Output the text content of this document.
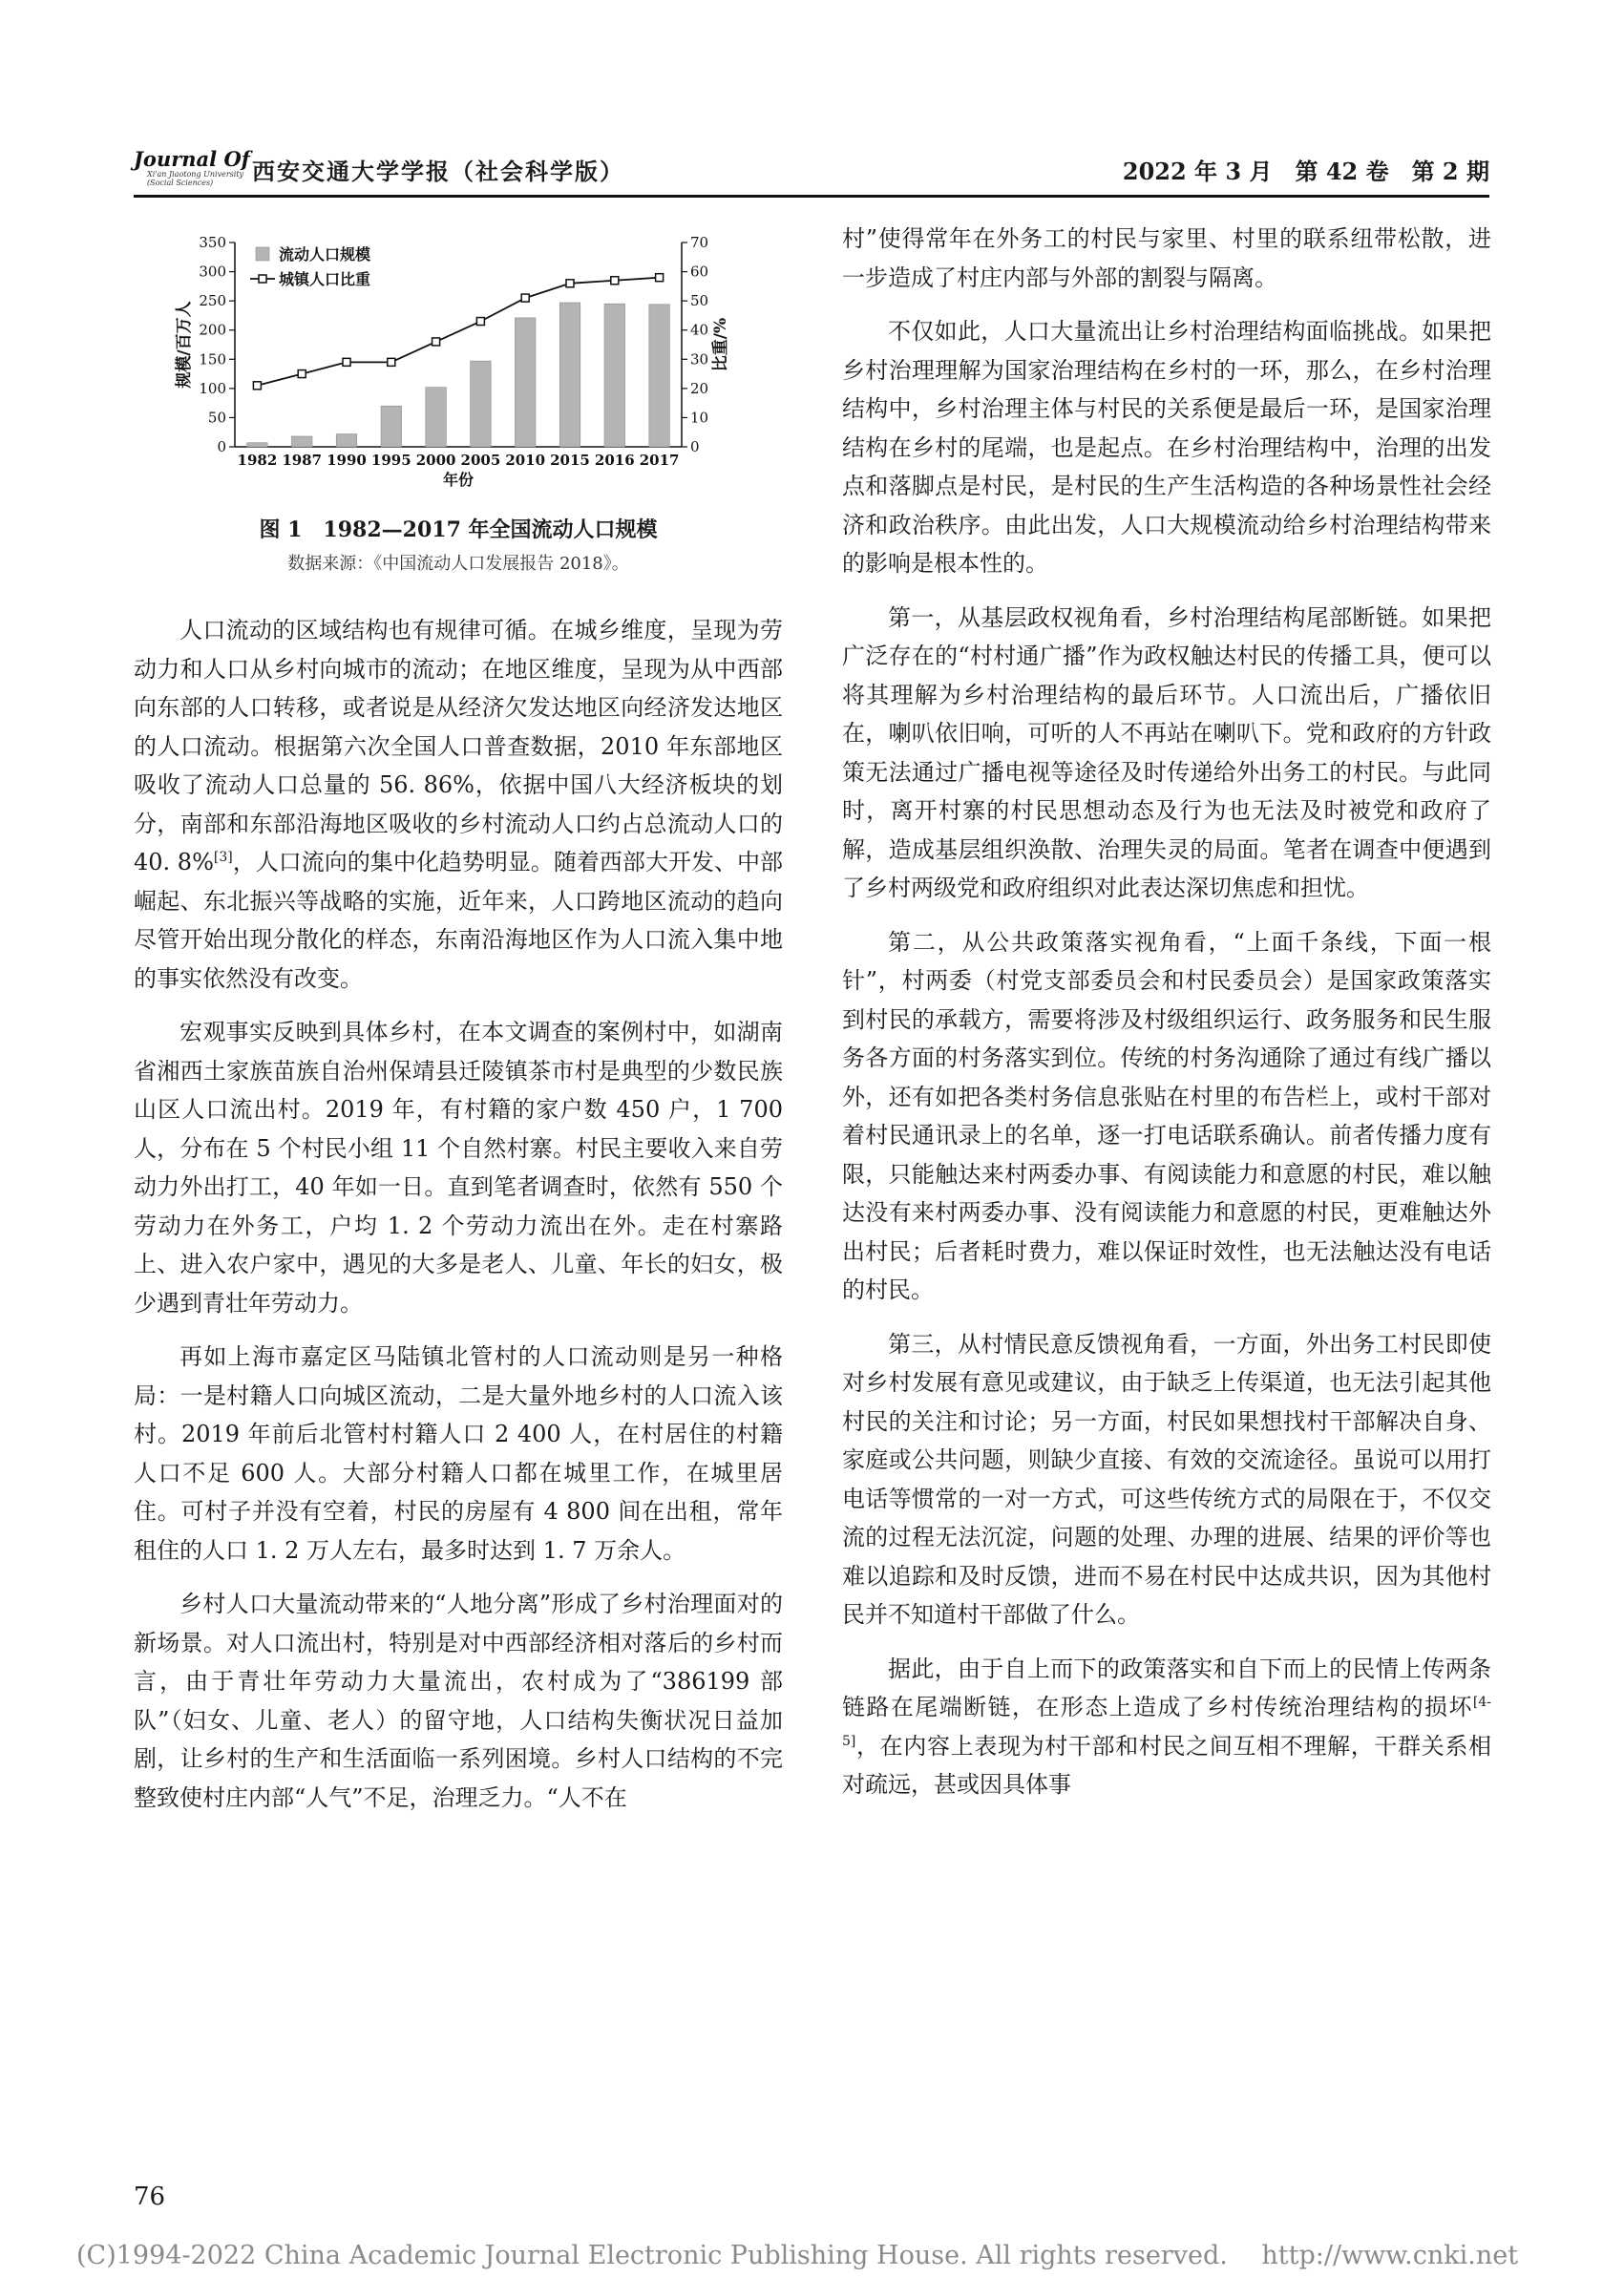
Journal Of
Xi'an Jiaotong University
(Social Sciences)	西安交通大学学报（社会科学版）	2022 年 3 月　第 42 卷　第 2 期
0
50
100
150
200
250
300
350
0
10
20
30
40
50
60
70
1982 1987 1990 1995 2000 2005 2010 2015 2016 2017
年份
规模/百万人	比重/%
流动人口规模
城镇人口比重
图 1　1982—2017 年全国流动人口规模
数据来源：《中国流动人口发展报告 2018》。

人口流动的区域结构也有规律可循。在城乡维度，呈现为劳动力和人口从乡村向城市的流动；在地区维度，呈现为从中西部向东部的人口转移，或者说是从经济欠发达地区向经济发达地区的人口流动。根据第六次全国人口普查数据，2010 年东部地区吸收了流动人口总量的 56. 86%，依据中国八大经济板块的划分，南部和东部沿海地区吸收的乡村流动人口约占总流动人口的 40. 8%[3]，人口流向的集中化趋势明显。随着西部大开发、中部崛起、东北振兴等战略的实施，近年来，人口跨地区流动的趋向尽管开始出现分散化的样态，东南沿海地区作为人口流入集中地的事实依然没有改变。

宏观事实反映到具体乡村，在本文调查的案例村中，如湖南省湘西土家族苗族自治州保靖县迁陵镇茶市村是典型的少数民族山区人口流出村。2019 年，有村籍的家户数 450 户，1 700 人，分布在 5 个村民小组 11 个自然村寨。村民主要收入来自劳动力外出打工，40 年如一日。直到笔者调查时，依然有 550 个劳动力在外务工，户均 1. 2 个劳动力流出在外。走在村寨路上、进入农户家中，遇见的大多是老人、儿童、年长的妇女，极少遇到青壮年劳动力。

再如上海市嘉定区马陆镇北管村的人口流动则是另一种格局：一是村籍人口向城区流动，二是大量外地乡村的人口流入该村。2019 年前后北管村村籍人口 2 400 人，在村居住的村籍人口不足 600 人。大部分村籍人口都在城里工作，在城里居住。可村子并没有空着，村民的房屋有 4 800 间在出租，常年租住的人口 1. 2 万人左右，最多时达到 1. 7 万余人。

乡村人口大量流动带来的“人地分离”形成了乡村治理面对的新场景。对人口流出村，特别是对中西部经济相对落后的乡村而言，由于青壮年劳动力大量流出，农村成为了“386199 部队”（妇女、儿童、老人）的留守地，人口结构失衡状况日益加剧，让乡村的生产和生活面临一系列困境。乡村人口结构的不完整致使村庄内部“人气”不足，治理乏力。“人不在

村”使得常年在外务工的村民与家里、村里的联系纽带松散，进一步造成了村庄内部与外部的割裂与隔离。

不仅如此，人口大量流出让乡村治理结构面临挑战。如果把乡村治理理解为国家治理结构在乡村的一环，那么，在乡村治理结构中，乡村治理主体与村民的关系便是最后一环，是国家治理结构在乡村的尾端，也是起点。在乡村治理结构中，治理的出发点和落脚点是村民，是村民的生产生活构造的各种场景性社会经济和政治秩序。由此出发，人口大规模流动给乡村治理结构带来的影响是根本性的。

第一，从基层政权视角看，乡村治理结构尾部断链。如果把广泛存在的“村村通广播”作为政权触达村民的传播工具，便可以将其理解为乡村治理结构的最后环节。人口流出后，广播依旧在，喇叭依旧响，可听的人不再站在喇叭下。党和政府的方针政策无法通过广播电视等途径及时传递给外出务工的村民。与此同时，离开村寨的村民思想动态及行为也无法及时被党和政府了解，造成基层组织涣散、治理失灵的局面。笔者在调查中便遇到了乡村两级党和政府组织对此表达深切焦虑和担忧。

第二，从公共政策落实视角看，“上面千条线，下面一根针”，村两委（村党支部委员会和村民委员会）是国家政策落实到村民的承载方，需要将涉及村级组织运行、政务服务和民生服务各方面的村务落实到位。传统的村务沟通除了通过有线广播以外，还有如把各类村务信息张贴在村里的布告栏上，或村干部对着村民通讯录上的名单，逐一打电话联系确认。前者传播力度有限，只能触达来村两委办事、有阅读能力和意愿的村民，难以触达没有来村两委办事、没有阅读能力和意愿的村民，更难触达外出村民；后者耗时费力，难以保证时效性，也无法触达没有电话的村民。

第三，从村情民意反馈视角看，一方面，外出务工村民即使对乡村发展有意见或建议，由于缺乏上传渠道，也无法引起其他村民的关注和讨论；另一方面，村民如果想找村干部解决自身、家庭或公共问题，则缺少直接、有效的交流途径。虽说可以用打电话等惯常的一对一方式，可这些传统方式的局限在于，不仅交流的过程无法沉淀，问题的处理、办理的进展、结果的评价等也难以追踪和及时反馈，进而不易在村民中达成共识，因为其他村民并不知道村干部做了什么。

据此，由于自上而下的政策落实和自下而上的民情上传两条链路在尾端断链，在形态上造成了乡村传统治理结构的损坏[4-5]，在内容上表现为村干部和村民之间互相不理解，干群关系相对疏远，甚或因具体事

76
(C)1994-2022 China Academic Journal Electronic Publishing House. All rights reserved.　 http://www.cnki.net
